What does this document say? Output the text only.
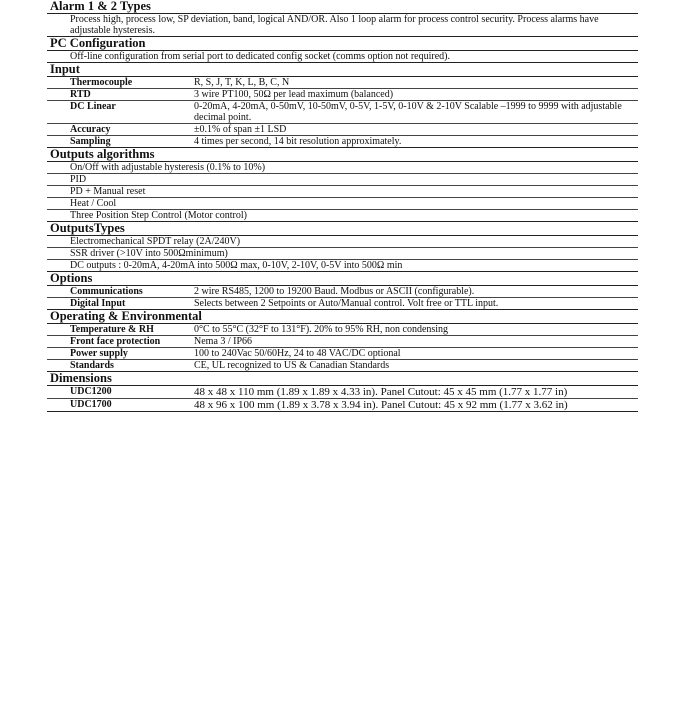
Alarm 1 & 2 Types
Process high, process low, SP deviation, band, logical AND/OR. Also 1 loop alarm for process control security. Process alarms have adjustable hysteresis.
PC Configuration
Off-line configuration from serial port to dedicated config socket (comms option not required).
Input
Thermocouple	R, S, J, T, K, L, B, C, N
RTD	3 wire PT100, 50Ω per lead maximum (balanced)
DC Linear	0-20mA, 4-20mA, 0-50mV, 10-50mV, 0-5V, 1-5V, 0-10V & 2-10V Scalable –1999 to 9999 with adjustable decimal point.
Accuracy	±0.1% of span ±1 LSD
Sampling	4 times per second, 14 bit resolution approximately.
Outputs algorithms
On/Off with adjustable hysteresis (0.1% to 10%)
PID
PD + Manual reset
Heat / Cool
Three Position Step Control (Motor control)
OutputsTypes
Electromechanical SPDT relay (2A/240V)
SSR driver (>10V into 500Ωminimum)
DC outputs : 0-20mA, 4-20mA into 500Ω max, 0-10V, 2-10V, 0-5V into 500Ω min
Options
Communications	2 wire RS485, 1200 to 19200 Baud. Modbus or ASCII (configurable).
Digital Input	Selects between 2 Setpoints or Auto/Manual control. Volt free or TTL input.
Operating & Environmental
Temperature & RH	0°C to 55°C (32°F to 131°F). 20% to 95% RH, non condensing
Front face protection	Nema 3 / IP66
Power supply	100 to 240Vac 50/60Hz, 24 to 48 VAC/DC optional
Standards	CE, UL recognized to US & Canadian Standards
Dimensions
UDC1200	48 x 48 x 110 mm (1.89 x 1.89 x 4.33 in). Panel Cutout: 45 x 45 mm (1.77 x 1.77 in)
UDC1700	48 x 96 x 100 mm (1.89 x 3.78 x 3.94 in). Panel Cutout: 45 x 92 mm (1.77 x 3.62 in)
